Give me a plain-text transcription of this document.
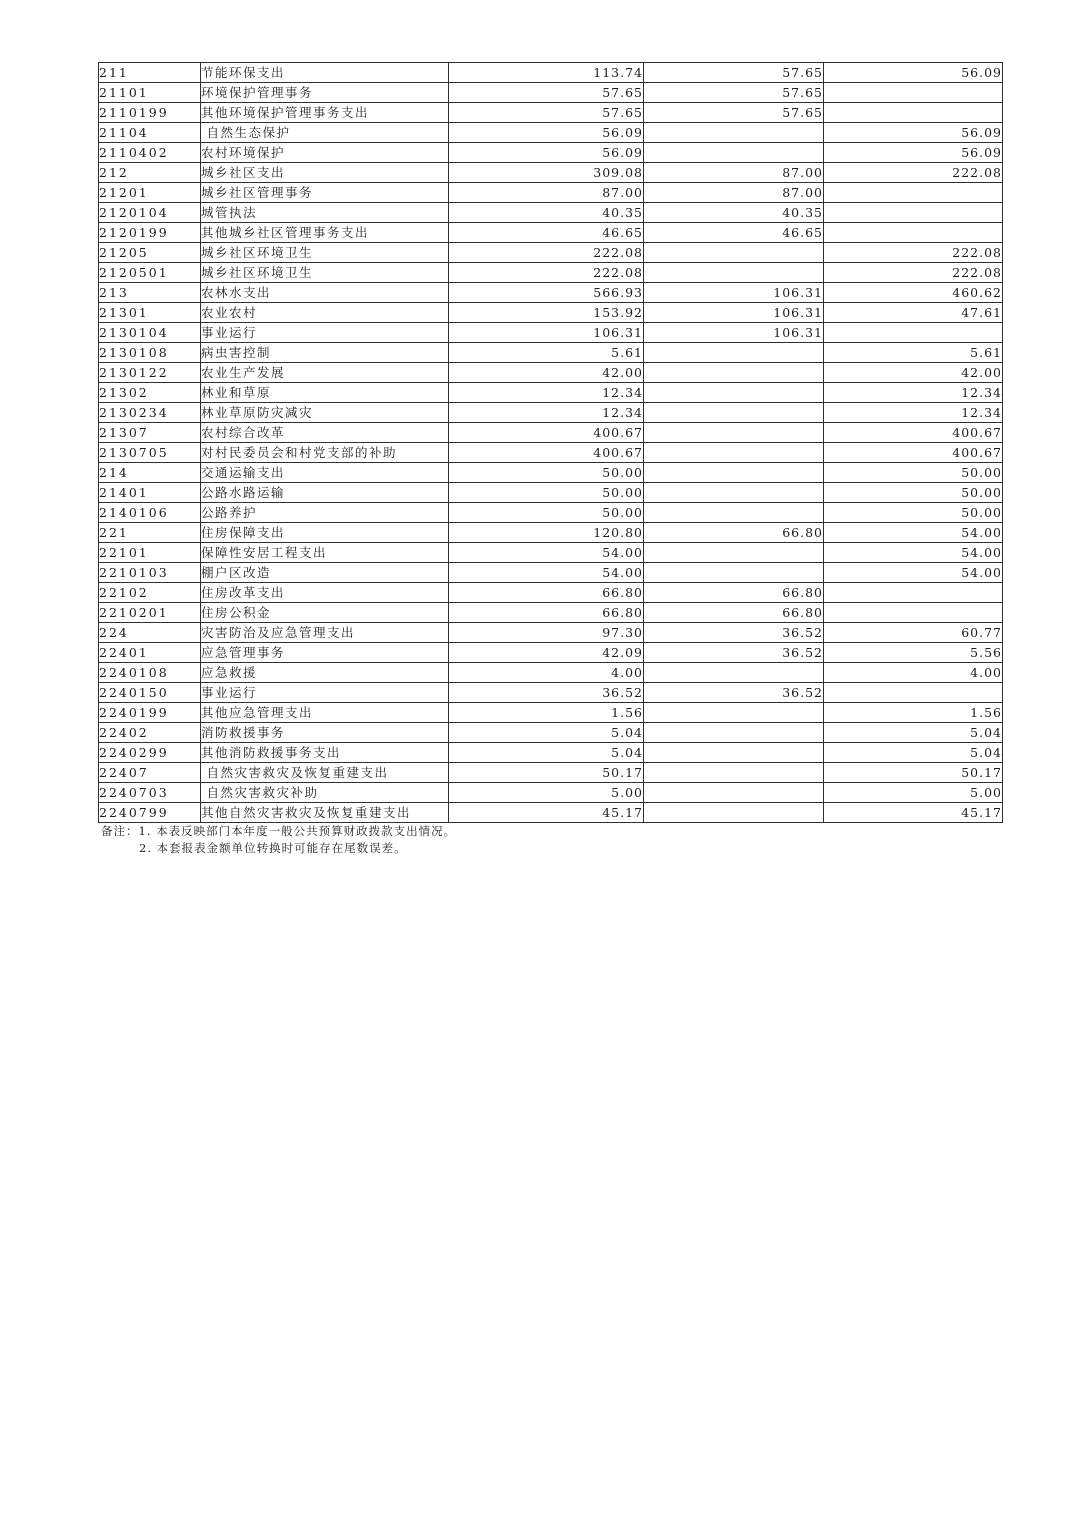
211	节能环保支出	113.74	57.65	56.09
21101	环境保护管理事务	57.65	57.65	
2110199	其他环境保护管理事务支出	57.65	57.65	
21104	自然生态保护	56.09		56.09
2110402	农村环境保护	56.09		56.09
212	城乡社区支出	309.08	87.00	222.08
21201	城乡社区管理事务	87.00	87.00	
2120104	城管执法	40.35	40.35	
2120199	其他城乡社区管理事务支出	46.65	46.65	
21205	城乡社区环境卫生	222.08		222.08
2120501	城乡社区环境卫生	222.08		222.08
213	农林水支出	566.93	106.31	460.62
21301	农业农村	153.92	106.31	47.61
2130104	事业运行	106.31	106.31	
2130108	病虫害控制	5.61		5.61
2130122	农业生产发展	42.00		42.00
21302	林业和草原	12.34		12.34
2130234	林业草原防灾减灾	12.34		12.34
21307	农村综合改革	400.67		400.67
2130705	对村民委员会和村党支部的补助	400.67		400.67
214	交通运输支出	50.00		50.00
21401	公路水路运输	50.00		50.00
2140106	公路养护	50.00		50.00
221	住房保障支出	120.80	66.80	54.00
22101	保障性安居工程支出	54.00		54.00
2210103	棚户区改造	54.00		54.00
22102	住房改革支出	66.80	66.80	
2210201	住房公积金	66.80	66.80	
224	灾害防治及应急管理支出	97.30	36.52	60.77
22401	应急管理事务	42.09	36.52	5.56
2240108	应急救援	4.00		4.00
2240150	事业运行	36.52	36.52	
2240199	其他应急管理支出	1.56		1.56
22402	消防救援事务	5.04		5.04
2240299	其他消防救援事务支出	5.04		5.04
22407	自然灾害救灾及恢复重建支出	50.17		50.17
2240703	自然灾害救灾补助	5.00		5.00
2240799	其他自然灾害救灾及恢复重建支出	45.17		45.17
备注：1. 本表反映部门本年度一般公共预算财政拨款支出情况。
2. 本套报表金额单位转换时可能存在尾数误差。
